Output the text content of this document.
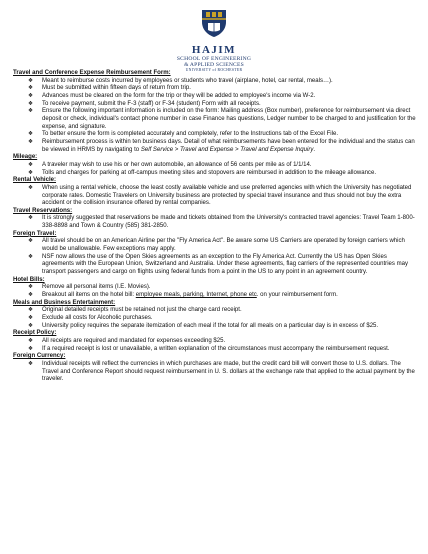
HAJIM
SCHOOL OF ENGINEERING
& APPLIED SCIENCES
UNIVERSITY of ROCHESTER
Travel and Conference Expense Reimbursement Form:
❖ Meant to reimburse costs incurred by employees or students who travel (airplane, hotel, car rental, meals…).
❖ Must be submitted within fifteen days of return from trip.
❖ Advances must be cleared on the form for the trip or they will be added to employee's income via W-2.
❖ To receive payment, submit the F-3 (staff) or F-34 (student) Form with all receipts.
❖ Ensure the following important information is included on the form: Mailing address (Box number), preference for reimbursement via direct deposit or check, individual's contact phone number in case Finance has questions, Ledger number to be charged to and justification for the expense, and signature.
❖ To better ensure the form is completed accurately and completely, refer to the Instructions tab of the Excel File.
❖ Reimbursement process is within ten business days. Detail of what reimbursements have been entered for the individual and the status can be viewed in HRMS by navigating to Self Service > Travel and Expense > Travel and Expense Inquiry.
Mileage:
❖ A traveler may wish to use his or her own automobile, an allowance of 56 cents per mile as of 1/1/14.
❖ Tolls and charges for parking at off-campus meeting sites and stopovers are reimbursed in addition to the mileage allowance.
Rental Vehicle:
❖ When using a rental vehicle, choose the least costly available vehicle and use preferred agencies with which the University has negotiated corporate rates. Domestic Travelers on University business are protected by special travel insurance and thus should not buy the extra accident or the collision insurance offered by rental companies.
Travel Reservations:
❖ It is strongly suggested that reservations be made and tickets obtained from the University's contracted travel agencies: Travel Team 1-800-338-8898 and Town & Country (585) 381-2850.
Foreign Travel:
❖ All travel should be on an American Airline per the "Fly America Act". Be aware some US Carriers are operated by foreign carriers which would be unallowable. Few exceptions may apply.
❖ NSF now allows the use of the Open Skies agreements as an exception to the Fly America Act. Currently the US has Open Skies agreements with the European Union, Switzerland and Australia. Under these agreements, flag carriers of the represented countries may transport passengers and cargo on flights using federal funds from a point in the US to any point in an agreement country.
Hotel Bills:
❖ Remove all personal items (I.E. Movies).
❖ Breakout all items on the hotel bill: employee meals, parking, Internet, phone etc. on your reimbursement form.
Meals and Business Entertainment:
❖ Original detailed receipts must be retained not just the charge card receipt.
❖ Exclude all costs for Alcoholic purchases.
❖ University policy requires the separate itemization of each meal if the total for all meals on a particular day is in excess of $25.
Receipt Policy:
❖ All receipts are required and mandated for expenses exceeding $25.
❖ If a required receipt is lost or unavailable, a written explanation of the circumstances must accompany the reimbursement request.
Foreign Currency:
❖ Individual receipts will reflect the currencies in which purchases are made, but the credit card bill will convert those to U.S. dollars. The Travel and Conference Report should request reimbursement in U. S. dollars at the exchange rate that applied to the actual payment by the traveler.
